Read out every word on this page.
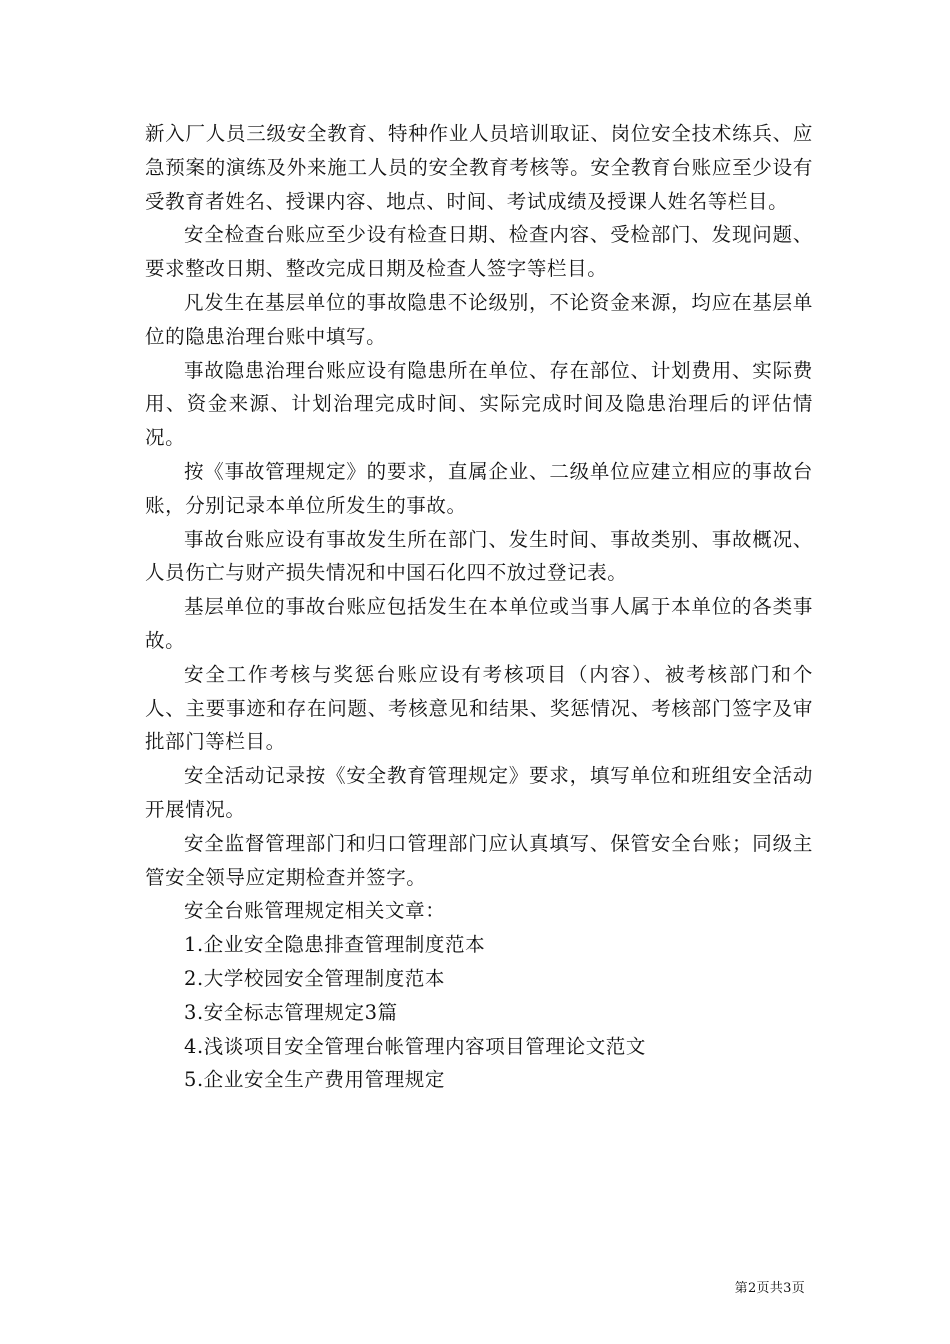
新入厂人员三级安全教育、特种作业人员培训取证、岗位安全技术练兵、应急预案的演练及外来施工人员的安全教育考核等。安全教育台账应至少设有受教育者姓名、授课内容、地点、时间、考试成绩及授课人姓名等栏目。

安全检查台账应至少设有检查日期、检查内容、受检部门、发现问题、要求整改日期、整改完成日期及检查人签字等栏目。

凡发生在基层单位的事故隐患不论级别，不论资金来源，均应在基层单位的隐患治理台账中填写。

事故隐患治理台账应设有隐患所在单位、存在部位、计划费用、实际费用、资金来源、计划治理完成时间、实际完成时间及隐患治理后的评估情况。

按《事故管理规定》的要求，直属企业、二级单位应建立相应的事故台账，分别记录本单位所发生的事故。

事故台账应设有事故发生所在部门、发生时间、事故类别、事故概况、人员伤亡与财产损失情况和中国石化四不放过登记表。

基层单位的事故台账应包括发生在本单位或当事人属于本单位的各类事故。

安全工作考核与奖惩台账应设有考核项目（内容）、被考核部门和个人、主要事迹和存在问题、考核意见和结果、奖惩情况、考核部门签字及审批部门等栏目。

安全活动记录按《安全教育管理规定》要求，填写单位和班组安全活动开展情况。

安全监督管理部门和归口管理部门应认真填写、保管安全台账；同级主管安全领导应定期检查并签字。

安全台账管理规定相关文章：

1.企业安全隐患排查管理制度范本

2.大学校园安全管理制度范本

3.安全标志管理规定3篇

4.浅谈项目安全管理台帐管理内容项目管理论文范文

5.企业安全生产费用管理规定

第2页共3页
